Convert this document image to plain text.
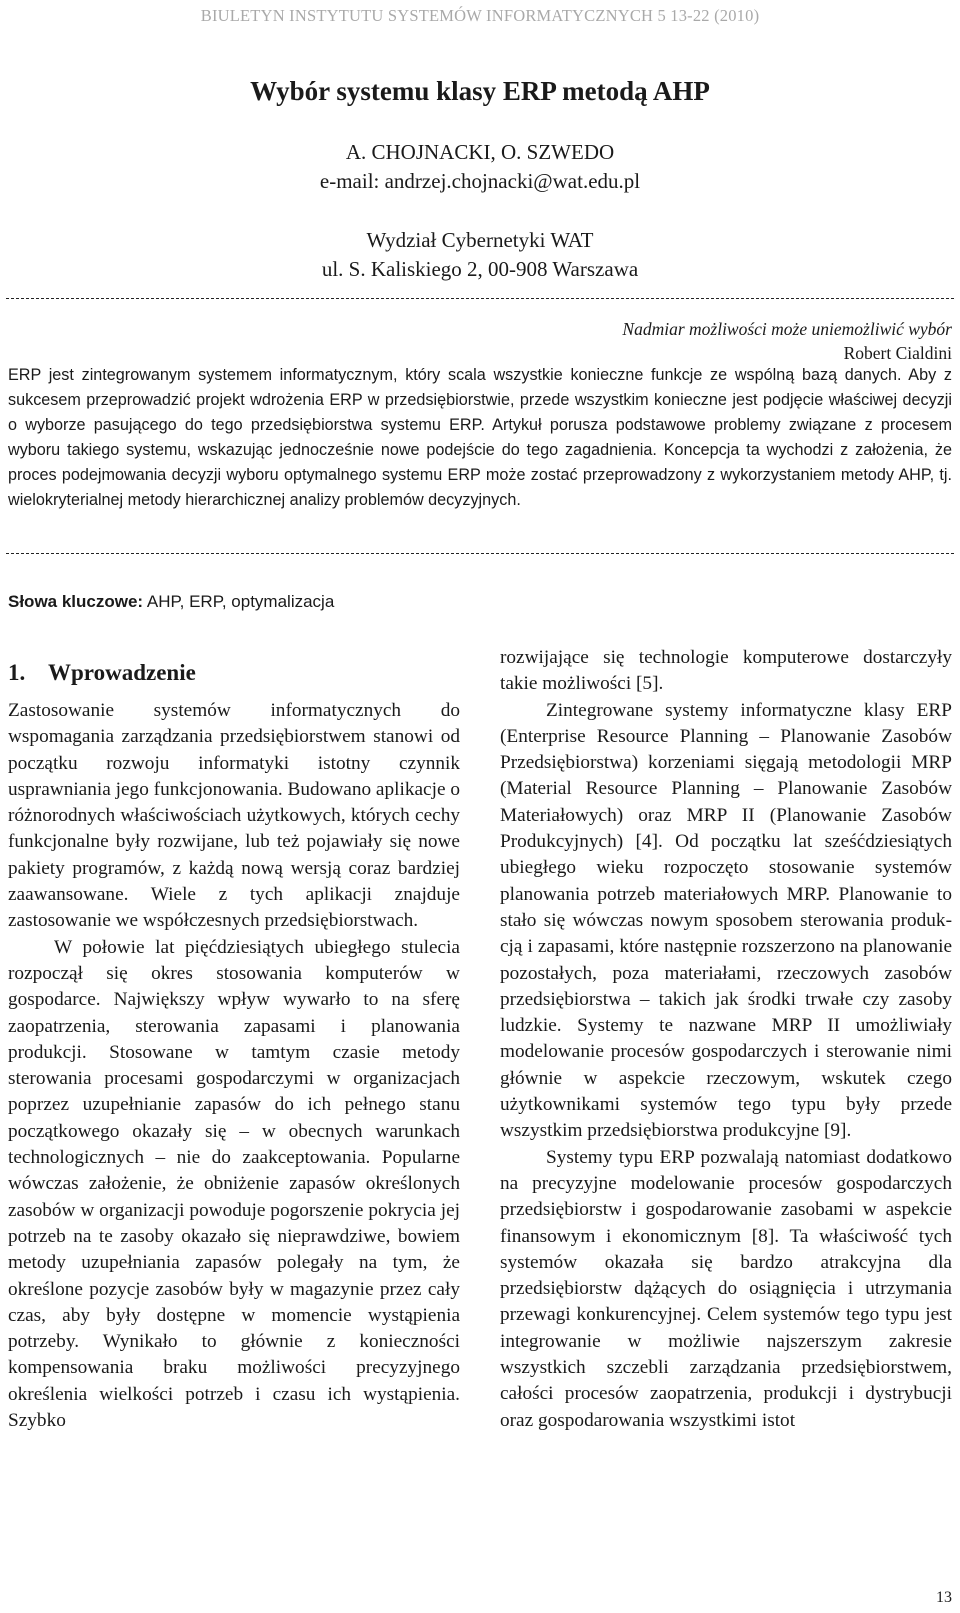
BIULETYN INSTYTUTU SYSTEMÓW INFORMATYCZNYCH 5 13-22 (2010)
Wybór systemu klasy ERP metodą AHP
A. CHOJNACKI, O. SZWEDO
e-mail: andrzej.chojnacki@wat.edu.pl
Wydział Cybernetyki WAT
ul. S. Kaliskiego 2, 00-908 Warszawa
Nadmiar możliwości może uniemożliwić wybór
Robert Cialdini

ERP jest zintegrowanym systemem informatycznym, który scala wszystkie konieczne funkcje ze wspólną bazą danych. Aby z sukcesem przeprowadzić projekt wdrożenia ERP w przedsiębiorstwie, przede wszystkim konieczne jest podjęcie właściwej decyzji o wyborze pasującego do tego przedsiębiorstwa systemu ERP. Artykuł porusza podstawowe problemy związane z procesem wyboru takiego systemu, wskazując jednocześnie nowe podejście do tego zagadnienia. Koncepcja ta wychodzi z założenia, że proces podejmowania decyzji wyboru optymalnego systemu ERP może zostać przeprowadzony z wykorzystaniem metody AHP, tj. wielokryterialnej metody hierarchicznej analizy problemów decyzyjnych.

Słowa kluczowe: AHP, ERP, optymalizacja
1. Wprowadzenie

Zastosowanie systemów informatycznych do wspomagania zarządzania przedsiębiorstwem stanowi od początku rozwoju informatyki istotny czynnik usprawniania jego funkcjonowania. Budowano aplikacje o różnorodnych właściwościach użytkowych, których cechy funkcjonalne były rozwijane, lub też pojawiały się nowe pakiety programów, z każdą nową wersją coraz bardziej zaawansowane. Wiele z tych aplikacji znajduje zastosowanie we współczesnych przedsiębiorstwach.

W połowie lat pięćdziesiątych ubiegłego stulecia rozpoczął się okres stosowania komputerów w gospodarce. Największy wpływ wywarło to na sferę zaopatrzenia, sterowania zapasami i planowania produkcji. Stosowane w tamtym czasie metody sterowania procesami gospodarczymi w organizacjach poprzez uzupełnianie zapasów do ich pełnego stanu początkowego okazały się – w obecnych warunkach technologicznych – nie do zaakceptowania. Popularne wówczas założenie, że obniżenie zapasów określonych zasobów w organizacji powoduje pogorszenie pokrycia jej potrzeb na te zasoby okazało się nieprawdziwe, bowiem metody uzupełniania zapasów polegały na tym, że określone pozycje zasobów były w magazynie przez cały czas, aby były dostępne w momencie wystąpienia potrzeby. Wynikało to głównie z konieczności kompensowania braku możliwości precyzyjnego określenia wielkości potrzeb i czasu ich wystąpienia. Szybko

rozwijające się technologie komputerowe dostarczyły takie możliwości [5].

Zintegrowane systemy informatyczne klasy ERP (Enterprise Resource Planning – Planowanie Zasobów Przedsiębiorstwa) korzeniami sięgają metodologii MRP (Material Resource Planning – Planowanie Zasobów Materiałowych) oraz MRP II (Planowanie Zasobów Produkcyjnych) [4]. Od początku lat sześćdziesiątych ubiegłego wieku rozpoczęto stosowanie systemów planowania potrzeb materiałowych MRP. Planowanie to stało się wówczas nowym sposobem sterowania produkcją i zapasami, które następnie rozszerzono na planowanie pozostałych, poza materiałami, rzeczowych zasobów przedsiębiorstwa – takich jak środki trwałe czy zasoby ludzkie. Systemy te nazwane MRP II umożliwiały modelowanie procesów gospodarczych i sterowanie nimi głównie w aspekcie rzeczowym, wskutek czego użytkownikami systemów tego typu były przede wszystkim przedsiębiorstwa produkcyjne [9].

Systemy typu ERP pozwalają natomiast dodatkowo na precyzyjne modelowanie procesów gospodarczych przedsiębiorstw i gospodarowanie zasobami w aspekcie finansowym i ekonomicznym [8]. Ta właściwość tych systemów okazała się bardzo atrakcyjna dla przedsiębiorstw dążących do osiągnięcia i utrzymania przewagi konkurencyjnej. Celem systemów tego typu jest integrowanie w możliwie najszerszym zakresie wszystkich szczebli zarządzania przedsiębiorstwem, całości procesów zaopatrzenia, produkcji i dystrybucji oraz gospodarowania wszystkimi istot

13
